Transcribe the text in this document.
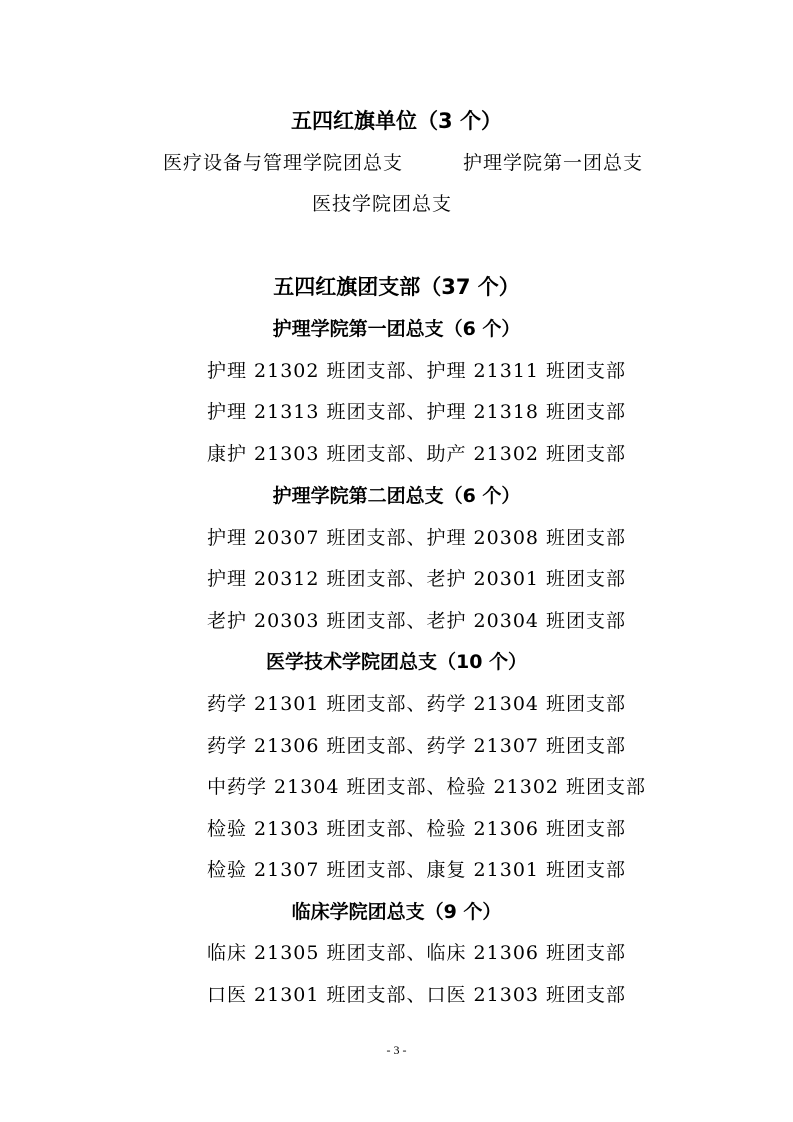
五四红旗单位（3 个）
医疗设备与管理学院团总支	护理学院第一团总支
医技学院团总支
五四红旗团支部（37 个）
护理学院第一团总支（6 个）
护理 21302 班团支部、护理 21311 班团支部
护理 21313 班团支部、护理 21318 班团支部
康护 21303 班团支部、助产 21302 班团支部
护理学院第二团总支（6 个）
护理 20307 班团支部、护理 20308 班团支部
护理 20312 班团支部、老护 20301 班团支部
老护 20303 班团支部、老护 20304 班团支部
医学技术学院团总支（10 个）
药学 21301 班团支部、药学 21304 班团支部
药学 21306 班团支部、药学 21307 班团支部
中药学 21304 班团支部、检验 21302 班团支部
检验 21303 班团支部、检验 21306 班团支部
检验 21307 班团支部、康复 21301 班团支部
临床学院团总支（9 个）
临床 21305 班团支部、临床 21306 班团支部
口医 21301 班团支部、口医 21303 班团支部
- 3 -
